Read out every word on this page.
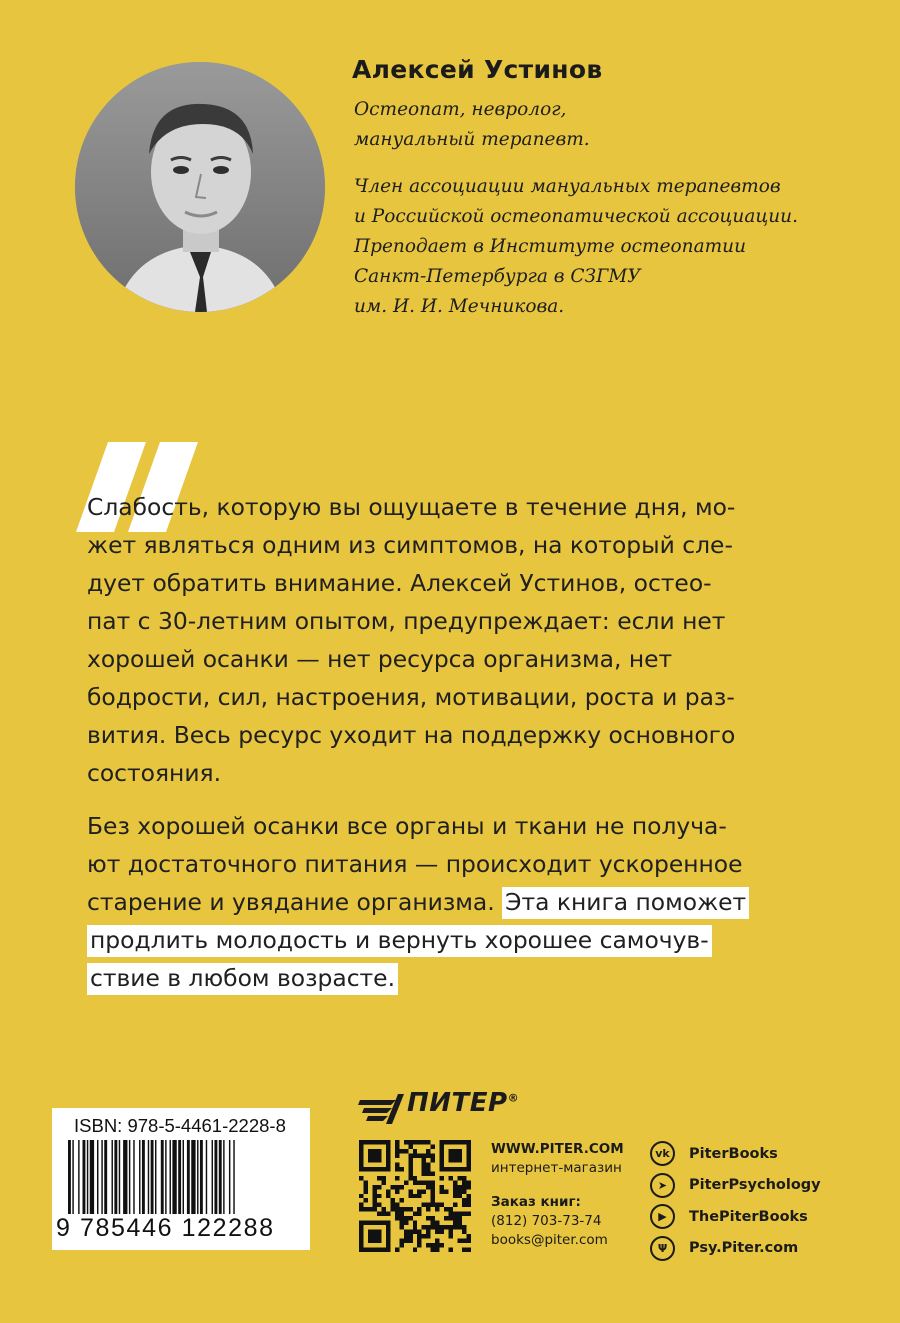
Алексей Устинов
Остеопат, невролог,
мануальный терапевт.
Член ассоциации мануальных терапевтов
и Российской остеопатической ассоциации.
Преподает в Институте остеопатии
Санкт-Петербурга в СЗГМУ
им. И. И. Мечникова.
Слабость, которую вы ощущаете в течение дня, мо-
жет являться одним из симптомов, на который сле-
дует обратить внимание. Алексей Устинов, остео-
пат с 30-летним опытом, предупреждает: если нет
хорошей осанки — нет ресурса организма, нет
бодрости, сил, настроения, мотивации, роста и раз-
вития. Весь ресурс уходит на поддержку основного
состояния.
Без хорошей осанки все органы и ткани не получа-
ют достаточного питания — происходит ускоренное
старение и увядание организма. Эта книга поможет
продлить молодость и вернуть хорошее самочув-
ствие в любом возрасте.
ISBN: 978-5-4461-2228-8
9 785446 122288
ПИТЕР®
WWW.PITER.COM
интернет-магазин
Заказ книг:
(812) 703-73-74
books@piter.com
vk	PiterBooks
➤	PiterPsychology
▶	ThePiterBooks
Ψ	Psy.Piter.com
